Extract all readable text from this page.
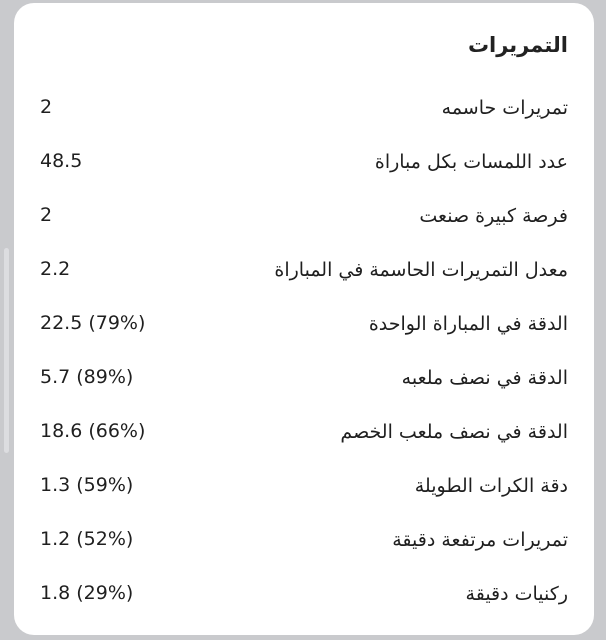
التمريرات
تمريرات حاسمه
2
عدد اللمسات بكل مباراة
48.5
فرصة كبيرة صنعت
2
معدل التمريرات الحاسمة في المباراة
2.2
الدقة في المباراة الواحدة
22.5 (79%)
الدقة في نصف ملعبه
5.7 (89%)
الدقة في نصف ملعب الخصم
18.6 (66%)
دقة الكرات الطويلة
1.3 (59%)
تمريرات مرتفعة دقيقة
1.2 (52%)
ركنيات دقيقة
1.8 (29%)
